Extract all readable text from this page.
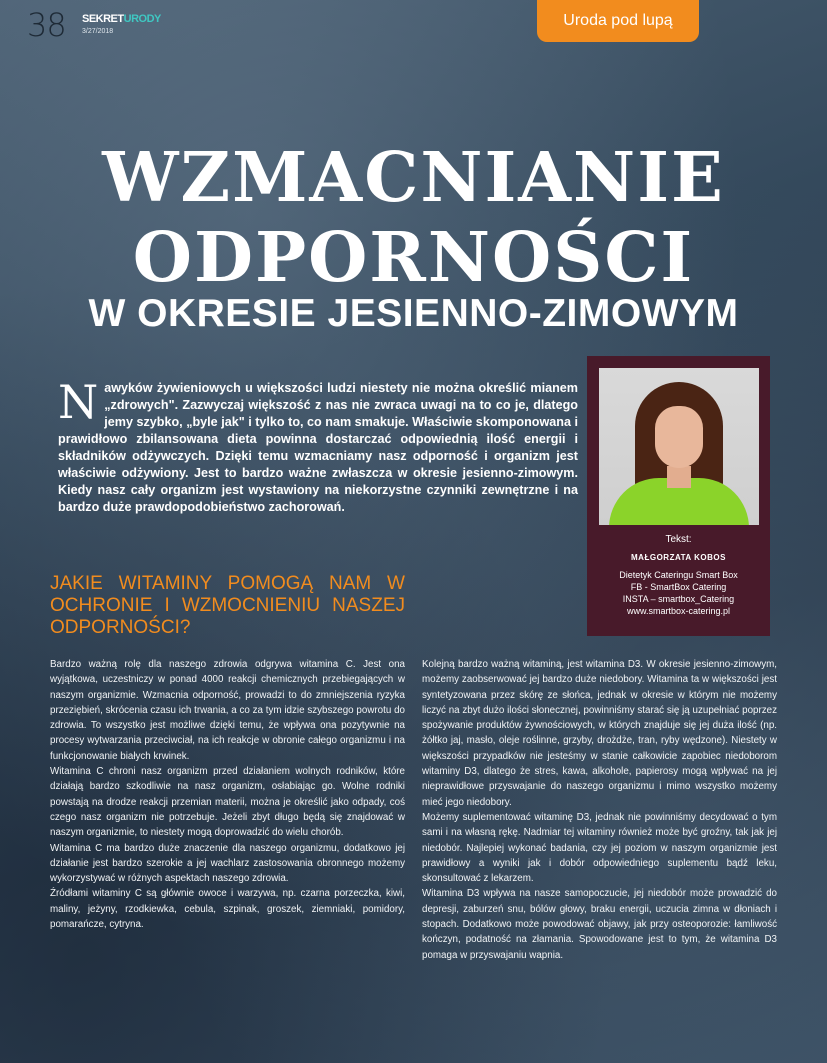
38 SEKRETURODY
3/27/2018
Uroda pod lupą
WZMACNIANIE
ODPORNOŚCI
W OKRESIE JESIENNO-ZIMOWYM
Nawyków żywieniowych u większości ludzi niestety nie można określić mianem „zdrowych". Zazwyczaj większość z nas nie zwraca uwagi na to co je, dlatego jemy szybko, „byle jak" i tylko to, co nam smakuje. Właściwie skomponowana i prawidłowo zbilansowana dieta powinna dostarczać odpowiednią ilość energii i składników odżywczych. Dzięki temu wzmacniamy nasz odporność i organizm jest właściwie odżywiony. Jest to bardzo ważne zwłaszcza w okresie jesienno-zimowym. Kiedy nasz cały organizm jest wystawiony na niekorzystne czynniki zewnętrzne i na bardzo duże prawdopodobieństwo zachorowań.
Tekst:
MAŁGORZATA KOBOS
Dietetyk Cateringu Smart Box
FB - SmartBox Catering
INSTA – smartbox_Catering
www.smartbox-catering.pl
JAKIE WITAMINY POMOGĄ NAM W OCHRONIE I WZMOCNIENIU NASZEJ ODPORNOŚCI?

Bardzo ważną rolę dla naszego zdrowia odgrywa witamina C. Jest ona wyjątkowa, uczestniczy w ponad 4000 reakcji chemicznych przebiegających w naszym organizmie. Wzmacnia odporność, prowadzi to do zmniejszenia ryzyka przeziębień, skrócenia czasu ich trwania, a co za tym idzie szybszego powrotu do zdrowia. To wszystko jest możliwe dzięki temu, że wpływa ona pozytywnie na procesy wytwarzania przeciwciał, na ich reakcje w obronie całego organizmu i na funkcjonowanie białych krwinek.

Witamina C chroni nasz organizm przed działaniem wolnych rodników, które działają bardzo szkodliwie na nasz organizm, osłabiając go. Wolne rodniki powstają na drodze reakcji przemian materii, można je określić jako odpady, coś czego nasz organizm nie potrzebuje. Jeżeli zbyt długo będą się znajdować w naszym organizmie, to niestety mogą doprowadzić do wielu chorób.

Witamina C ma bardzo duże znaczenie dla naszego organizmu, dodatkowo jej działanie jest bardzo szerokie a jej wachlarz zastosowania obronnego możemy wykorzystywać w różnych aspektach naszego zdrowia.

Źródłami witaminy C są głównie owoce i warzywa, np. czarna porzeczka, kiwi, maliny, jeżyny, rzodkiewka, cebula, szpinak, groszek, ziemniaki, pomidory, pomarańcze, cytryna.

Kolejną bardzo ważną witaminą, jest witamina D3. W okresie jesienno-zimowym, możemy zaobserwować jej bardzo duże niedobory. Witamina ta w większości jest syntetyzowana przez skórę ze słońca, jednak w okresie w którym nie możemy liczyć na zbyt dużo ilości słonecznej, powinniśmy starać się ją uzupełniać poprzez spożywanie produktów żywnościowych, w których znajduje się jej duża ilość (np. żółtko jaj, masło, oleje roślinne, grzyby, drożdże, tran, ryby wędzone). Niestety w większości przypadków nie jesteśmy w stanie całkowicie zapobiec niedoborom witaminy D3, dlatego że stres, kawa, alkohole, papierosy mogą wpływać na jej nieprawidłowe przyswajanie do naszego organizmu i mimo wszystko możemy mieć jego niedobory.

Możemy suplementować witaminę D3, jednak nie powinniśmy decydować o tym sami i na własną rękę. Nadmiar tej witaminy również może być groźny, tak jak jej niedobór. Najlepiej wykonać badania, czy jej poziom w naszym organizmie jest prawidłowy a wyniki jak i dobór odpowiedniego suplementu bądź leku, skonsultować z lekarzem.

Witamina D3 wpływa na nasze samopoczucie, jej niedobór może prowadzić do depresji, zaburzeń snu, bólów głowy, braku energii, uczucia zimna w dłoniach i stopach. Dodatkowo może powodować objawy, jak przy osteoporozie: łamliwość kończyn, podatność na złamania. Spowodowane jest to tym, że witamina D3 pomaga w przyswajaniu wapnia.
